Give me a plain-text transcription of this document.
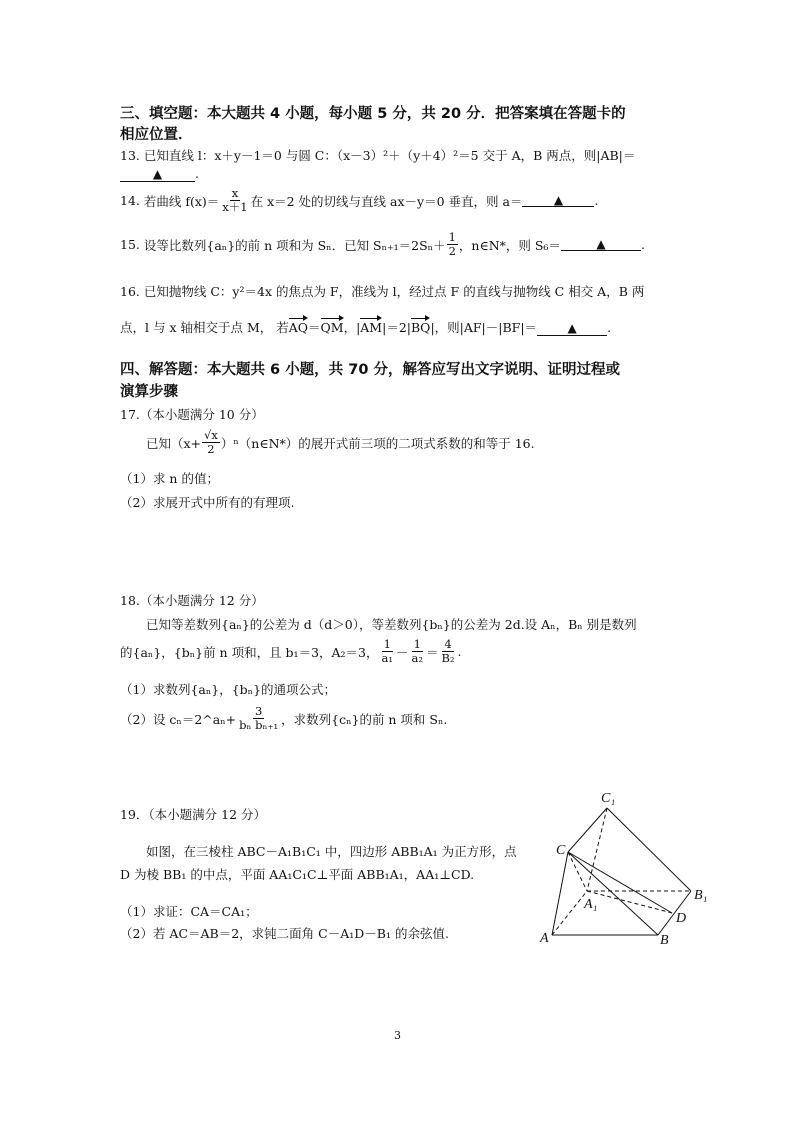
三、填空题：本大题共 4 小题，每小题 5 分，共 20 分．把答案填在答题卡的
相应位置．
13. 已知直线 l：x＋y－1＝0 与圆 C：（x－3）²＋（y＋4）²＝5 交于 A，B 两点，则|AB|＝
▲	.
14.
若曲线 $f(x)= \frac{x}{x+1}$ 在 x＝2 处的切线与直线 ax－y＝0 垂直，则 a＝	▲	.
15.
设等比数列{aₙ}的前 n 项和为 Sₙ．已知 $S_{n+1}=2S_n+ \frac{1}{2}$ ，n∈N*，则 S₆＝	▲	.
16. 已知抛物线 C：y²＝4x 的焦点为 F，准线为 l，经过点 F 的直线与抛物线 C 相交 A，B 两
点，l 与 x 轴相交于点 M， 若AQ＝QM，|AM|＝2|BQ|，则|AF|－|BF|＝	▲ .
四、解答题：本大题共 6 小题，共 70 分，解答应写出文字说明、证明过程或
演算步骤
17.（本小题满分 10 分）
已知（$x+ \frac{√x}{2}$ ）ⁿ（n∈N*）的展开式前三项的二项式系数的和等于 16.
（1）求 n 的值；
（2）求展开式中所有的有理项.
18.（本小题满分 12 分）
已知等差数列{aₙ}的公差为 d（d＞0），等差数列{bₙ}的公差为 2d.设 Aₙ，Bₙ 别是数列
的{aₙ}，{bₙ}前 n 项和，且 b₁＝3，A₂＝3， $\frac{1}{\text{a₁}} - \frac{1}{\text{a₂}} = \frac{4}{\text{B₂}}$ .
（1）求数列{aₙ}，{bₙ}的通项公式；
（2）设 cₙ＝2^aₙ+ $\frac{3}{\text{bₙ bₙ₊₁}}$ ，求数列{cₙ}的前 n 项和 Sₙ.
19．（本小题满分 12 分）
如图，在三棱柱 ABC－A₁B₁C₁ 中，四边形 ABB₁A₁ 为正方形，点
D 为棱 BB₁ 的中点，平面 AA₁C₁C⊥平面 ABB₁A₁，AA₁⊥CD.
（1）求证：CA＝CA₁；
（2）若 AC＝AB＝2，求钝二面角 C－A₁D－B₁ 的余弦值.
C₁
C
A₁
B₁
D
A	B
3
